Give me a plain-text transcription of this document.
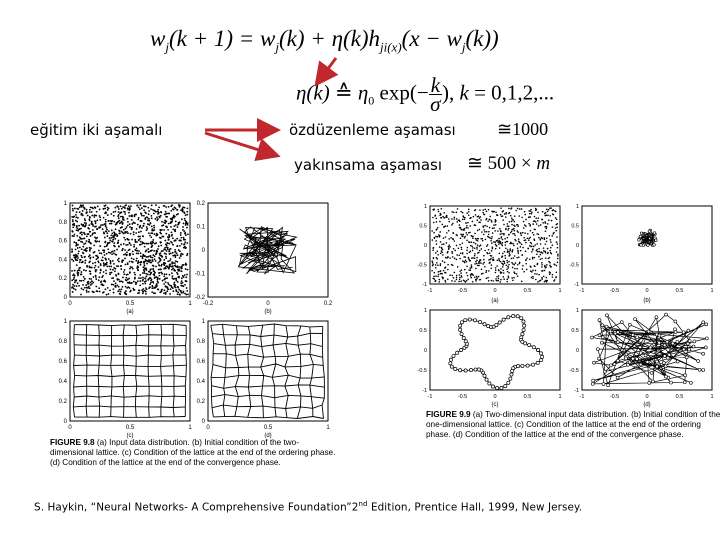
$w_j(k + 1) = w_j(k) + \eta(k)h_{ji(x)}(x - w_j(k))$
η(k) ≙ $\eta_0$ $\exp(- \frac{k}{\sigma}$ ), k = 0,1,2,...
eğitim iki aşamalı	özdüzenleme aşaması ≅1000
yakınsama aşaması ≅ 500 × m
1
0.8
0.6
0.4
0.2
0
0	0.5	1
0.2
0.1
0
-0.1
-0.2
-0.2	0	0.2
1
0.8
0.6
0.4
0.2
0
0	0.5	1
1
0.8
0.6
0.4
0.2
0
0	0.5	1
(a)	(b)
(c)	(d)
FIGURE 9.8 (a) Input data distribution. (b) Initial condition of the two-dimensional lattice. (c) Condition of the lattice at the end of the ordering phase. (d) Condition of the lattice at the end of the convergence phase.
1
0.5
0
-0.5
-1
-1	-0.5	0	0.5	1
1
0.5
0
-0.5
-1
-1	-0.5	0	0.5	1
1
0.5
0
-0.5
-1
-1	-0.5	0	0.5	1
1
0.5
0
-0.5
-1
-1	-0.5	0	0.5	1
(a)	(b)
(c)	(d)
FIGURE 9.9 (a) Two-dimensional input data distribution. (b) Initial condition of the one-dimensional lattice. (c) Condition of the lattice at the end of the ordering phase. (d) Condition of the lattice at the end of the convergence phase.
S. Haykin, “Neural Networks- A Comprehensive Foundation”2nd Edition, Prentice Hall, 1999, New Jersey.
